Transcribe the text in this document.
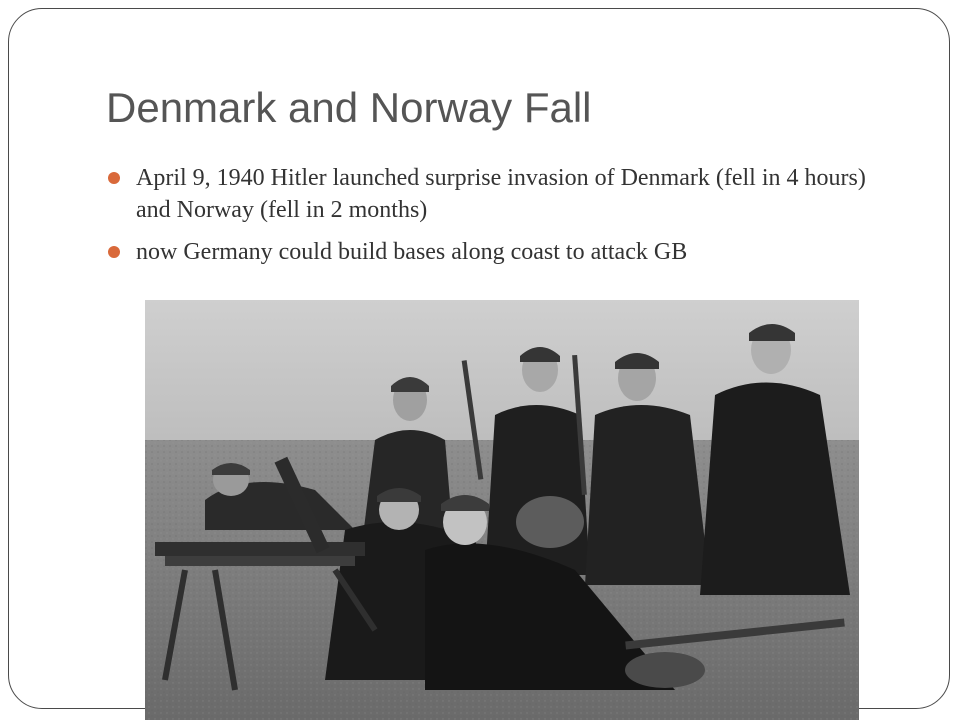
Denmark and Norway Fall
April 9, 1940 Hitler launched surprise invasion of Denmark (fell in 4 hours) and Norway (fell in 2 months)
now Germany could build bases along coast to attack GB
